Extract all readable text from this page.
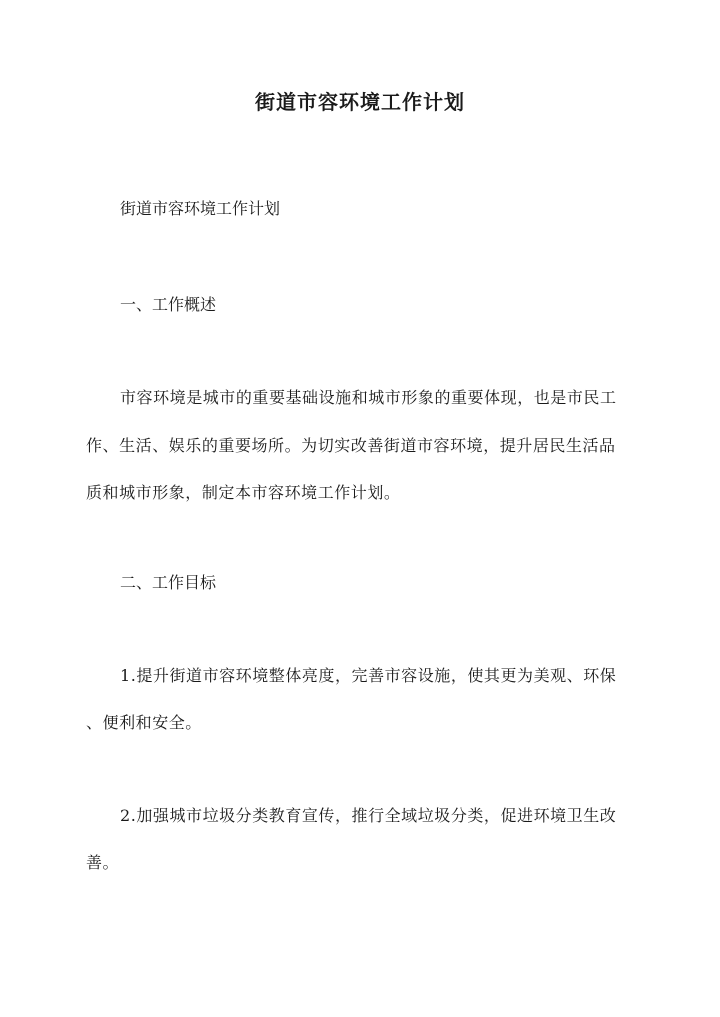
街道市容环境工作计划
街道市容环境工作计划
一、工作概述
市容环境是城市的重要基础设施和城市形象的重要体现，也是市民工
作、生活、娱乐的重要场所。为切实改善街道市容环境，提升居民生活品
质和城市形象，制定本市容环境工作计划。
二、工作目标
1.提升街道市容环境整体亮度，完善市容设施，使其更为美观、环保
、便利和安全。
2.加强城市垃圾分类教育宣传，推行全域垃圾分类，促进环境卫生改
善。
